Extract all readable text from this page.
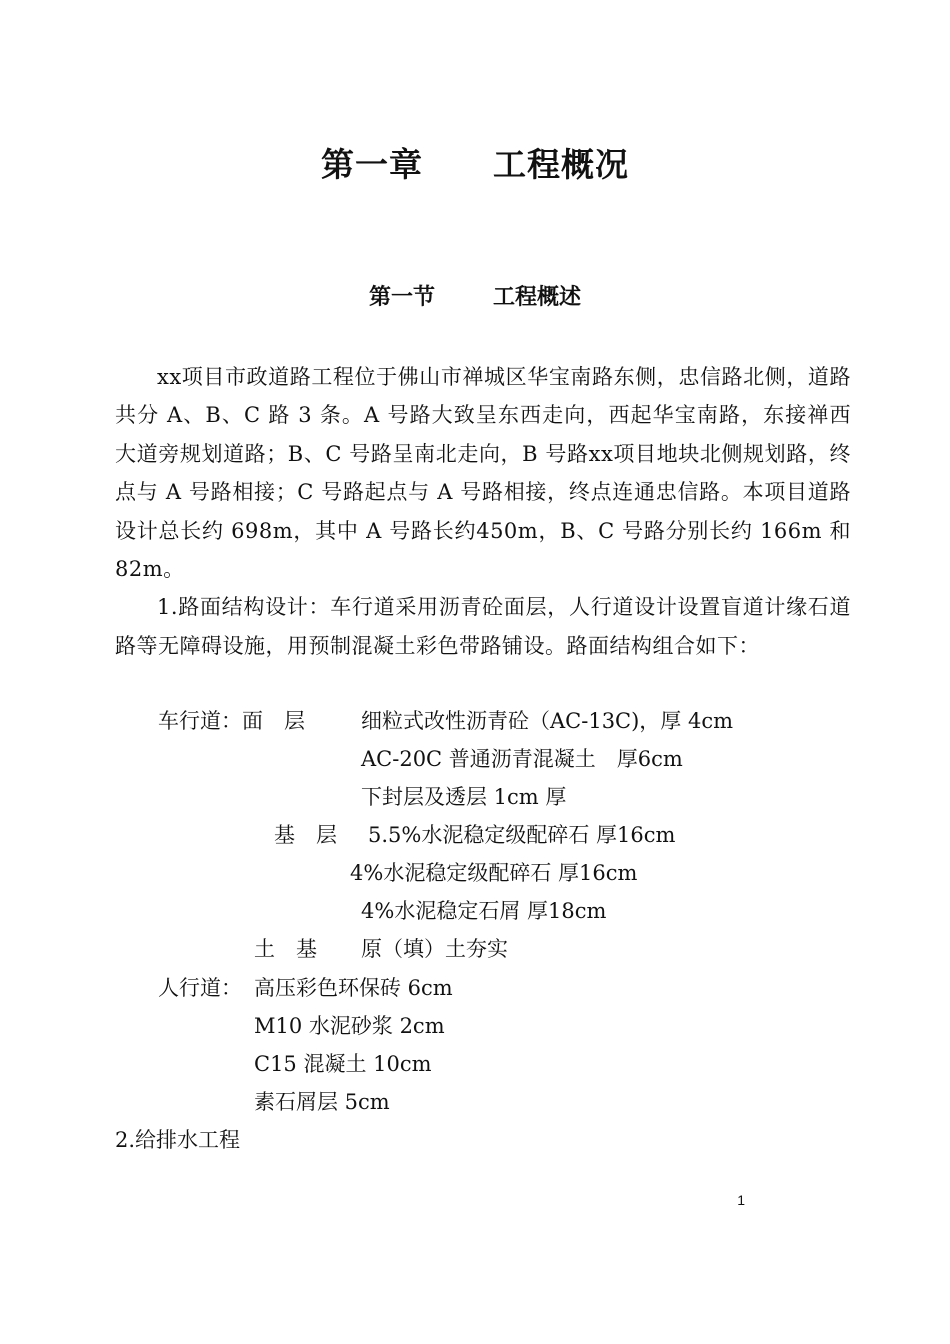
第一章 工程概况
第一节	工程概述

xx项目市政道路工程位于佛山市禅城区华宝南路东侧，忠信路北侧，道路共分 A、B、C 路 3 条。A 号路大致呈东西走向，西起华宝南路，东接禅西大道旁规划道路；B、C 号路呈南北走向，B 号路xx项目地块北侧规划路，终点与 A 号路相接；C 号路起点与 A 号路相接，终点连通忠信路。本项目道路设计总长约 698m，其中 A 号路长约450m，B、C 号路分别长约 166m 和 82m。

1.路面结构设计：车行道采用沥青砼面层，人行道设计设置盲道计缘石道路等无障碍设施，用预制混凝土彩色带路铺设。路面结构组合如下：

车行道：面　层	细粒式改性沥青砼（AC-13C)，厚 4cm
AC-20C 普通沥青混凝土　厚6cm
下封层及透层 1cm 厚
基　层 5.5%水泥稳定级配碎石 厚16cm
4%水泥稳定级配碎石 厚16cm
4%水泥稳定石屑 厚18cm
土　基 原（填）土夯实
人行道： 高压彩色环保砖 6cm
M10 水泥砂浆 2cm
C15 混凝土 10cm
素石屑层 5cm
2.给排水工程
1
